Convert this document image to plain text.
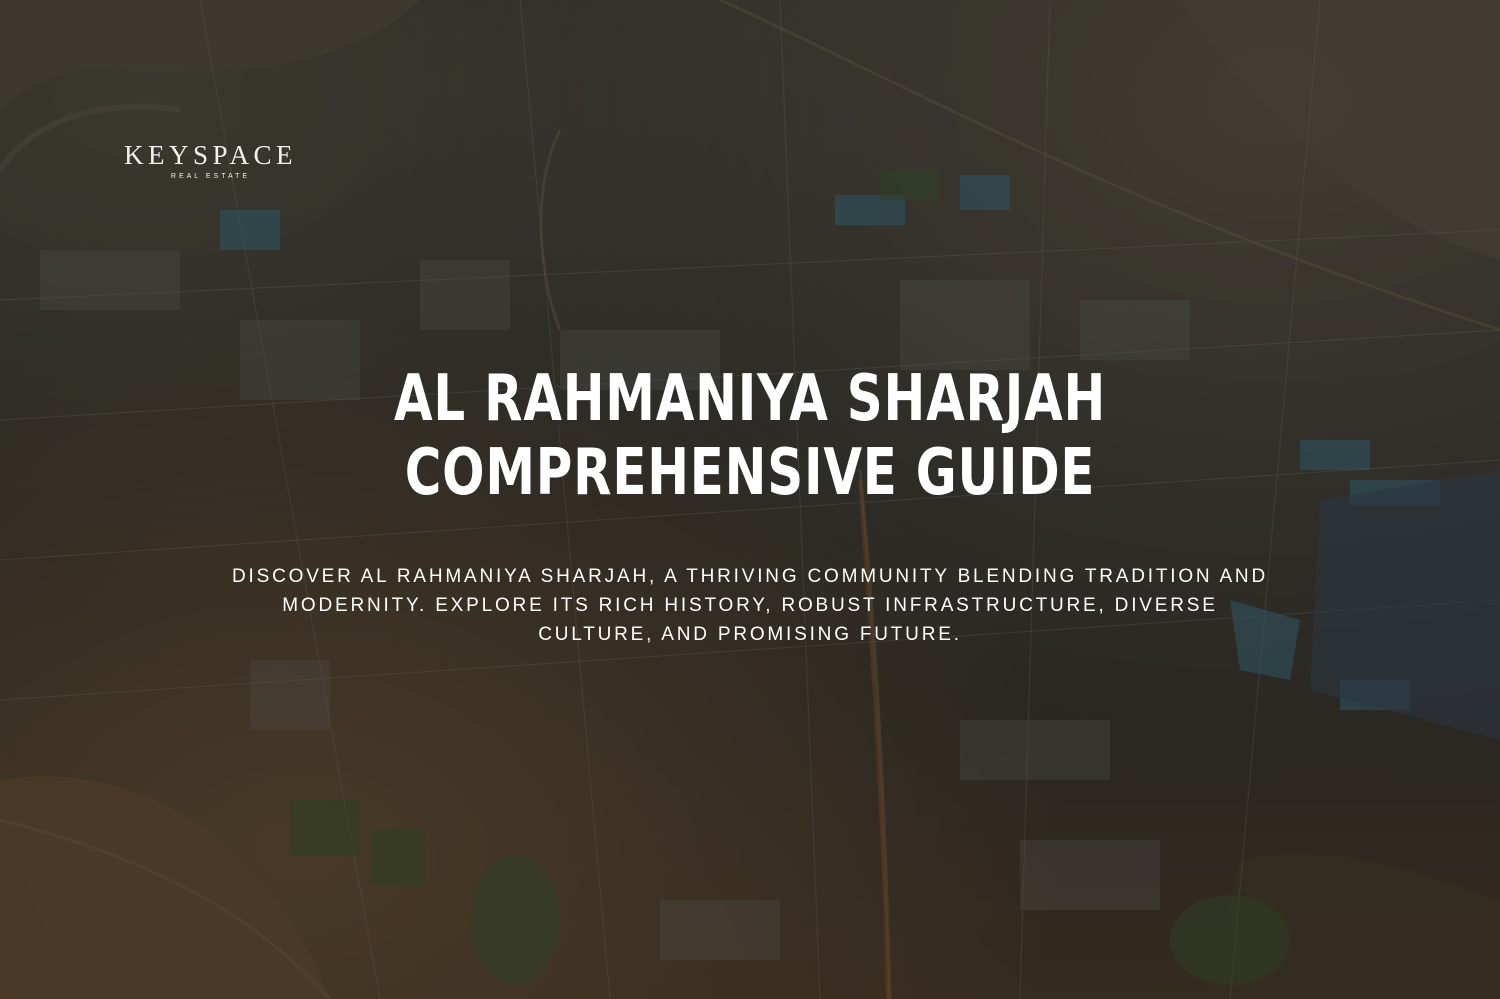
KEYSPACE
REAL ESTATE
AL RAHMANIYA SHARJAH
COMPREHENSIVE GUIDE

DISCOVER AL RAHMANIYA SHARJAH, A THRIVING COMMUNITY BLENDING TRADITION AND MODERNITY. EXPLORE ITS RICH HISTORY, ROBUST INFRASTRUCTURE, DIVERSE CULTURE, AND PROMISING FUTURE.
